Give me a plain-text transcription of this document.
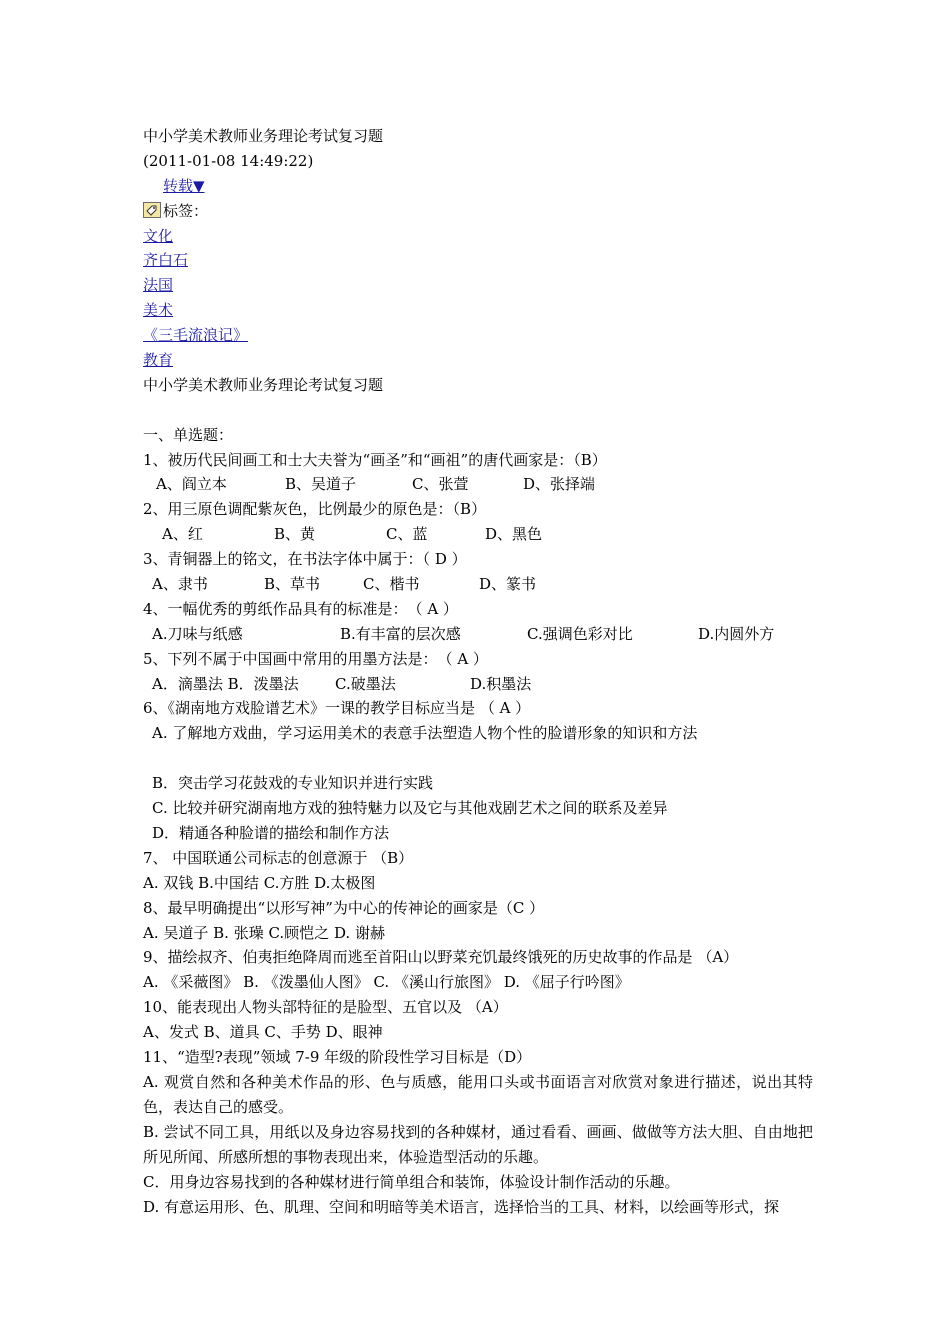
中小学美术教师业务理论考试复习题
(2011-01-08 14:49:22)
转载▼
标签：
文化
齐白石
法国
美术
《三毛流浪记》
教育
中小学美术教师业务理论考试复习题
一、单选题：
1、被历代民间画工和士大夫誉为“画圣”和“画祖”的唐代画家是：（B）
A、阎立本	B、吴道子	C、张萱	D、张择端
2、用三原色调配紫灰色，比例最少的原色是：（B）
A、红	B、黄	C、蓝	D、黑色
3、青铜器上的铭文，在书法字体中属于：（ D ）
A、隶书	B、草书	C、楷书	D、篆书
4、一幅优秀的剪纸作品具有的标准是：　（ A ）
A.刀味与纸感	B.有丰富的层次感	C.强调色彩对比	D.内圆外方
5、下列不属于中国画中常用的用墨方法是：　（ A ）
A．滴墨法 B．泼墨法	C.破墨法	D.积墨法
6、《湖南地方戏脸谱艺术》一课的教学目标应当是 （ A ）
A. 了解地方戏曲，学习运用美术的表意手法塑造人物个性的脸谱形象的知识和方法
B．突击学习花鼓戏的专业知识并进行实践
C. 比较并研究湖南地方戏的独特魅力以及它与其他戏剧艺术之间的联系及差异
D．精通各种脸谱的描绘和制作方法
7、 中国联通公司标志的创意源于 （B）
A. 双钱 B.中国结 C.方胜 D.太极图
8、最早明确提出“以形写神”为中心的传神论的画家是（C ）
A. 吴道子 B. 张璪 C.顾恺之 D. 谢赫
9、描绘叔齐、伯夷拒绝降周而逃至首阳山以野菜充饥最终饿死的历史故事的作品是 （A）
A. 《采薇图》 B. 《泼墨仙人图》 C. 《溪山行旅图》 D. 《屈子行吟图》
10、能表现出人物头部特征的是脸型、五官以及 （A）
A、发式 B、道具 C、手势 D、眼神
11、“造型?表现”领域 7-9 年级的阶段性学习目标是（D）
A. 观赏自然和各种美术作品的形、色与质感，能用口头或书面语言对欣赏对象进行描述，说出其特色，表达自己的感受。
B. 尝试不同工具，用纸以及身边容易找到的各种媒材，通过看看、画画、做做等方法大胆、自由地把所见所闻、所感所想的事物表现出来，体验造型活动的乐趣。
C．用身边容易找到的各种媒材进行简单组合和装饰，体验设计制作活动的乐趣。
D. 有意运用形、色、肌理、空间和明暗等美术语言，选择恰当的工具、材料，以绘画等形式，探
